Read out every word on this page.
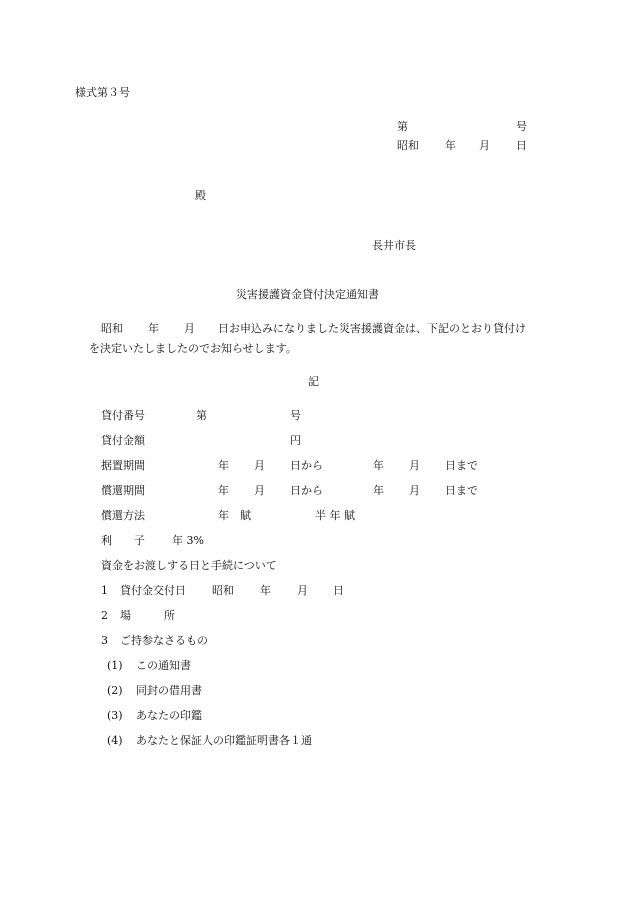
様式第３号
第	号
昭和 年 月 日
殿
長井市長
災害援護資金貸付決定通知書
昭和 年 月 日お申込みになりました災害援護資金は、下記のとおり貸付け
を決定いたしましたのでお知らせします。
記
貸付番号	第	号
貸付金額	円
据置期間	年 月 日から	年 月 日まで
償還期間	年 月 日から	年 月 日まで
償還方法	年　賦	半 年 賦
利　　子 年 3%
資金をお渡しする日と手続について
1 貸付金交付日 昭和 年 月 日
2 場　　　所
3 ご持参なさるもの
(1) この通知書
(2) 同封の借用書
(3) あなたの印鑑
(4) あなたと保証人の印鑑証明書各１通
